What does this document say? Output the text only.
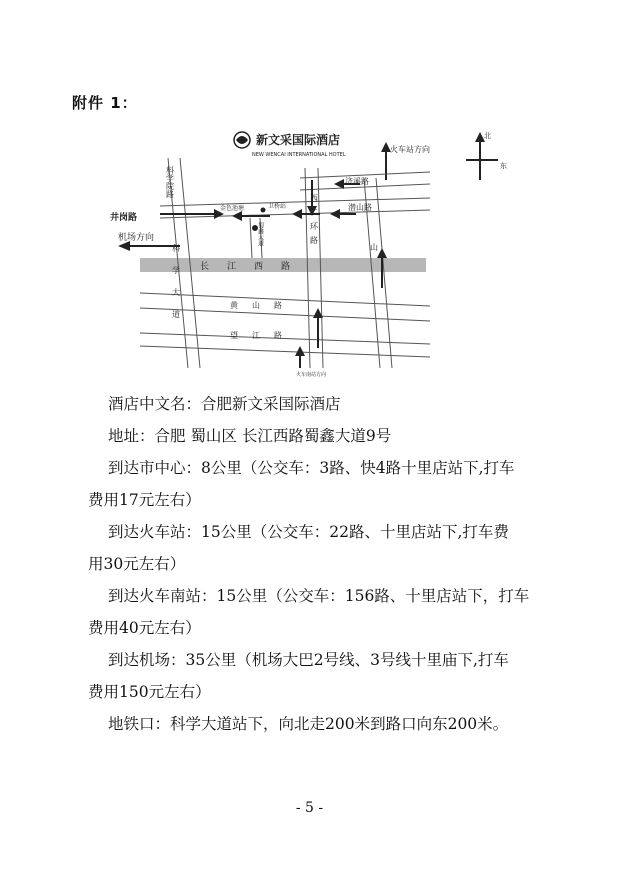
附件 1：
新文采国际酒店
NEW WENCAI INTERNATIONAL HOTEL
北
东
火车站方向
机场方向
火车南站方向
井岗路
科学院路	济溪路
潜山路
长江西路
黄山路
望江路
科学大道
西二环路	山
金色池塘	卫桥站
蜀鑫大道

酒店中文名：合肥新文采国际酒店

地址：合肥 蜀山区 长江西路蜀鑫大道9号

到达市中心：8公里（公交车：3路、快4路十里店站下,打车

费用17元左右）

到达火车站：15公里（公交车：22路、十里店站下,打车费

用30元左右）

到达火车南站：15公里（公交车：156路、十里店站下，打车

费用40元左右）

到达机场：35公里（机场大巴2号线、3号线十里庙下,打车

费用150元左右）

地铁口：科学大道站下，向北走200米到路口向东200米。

- 5 -
